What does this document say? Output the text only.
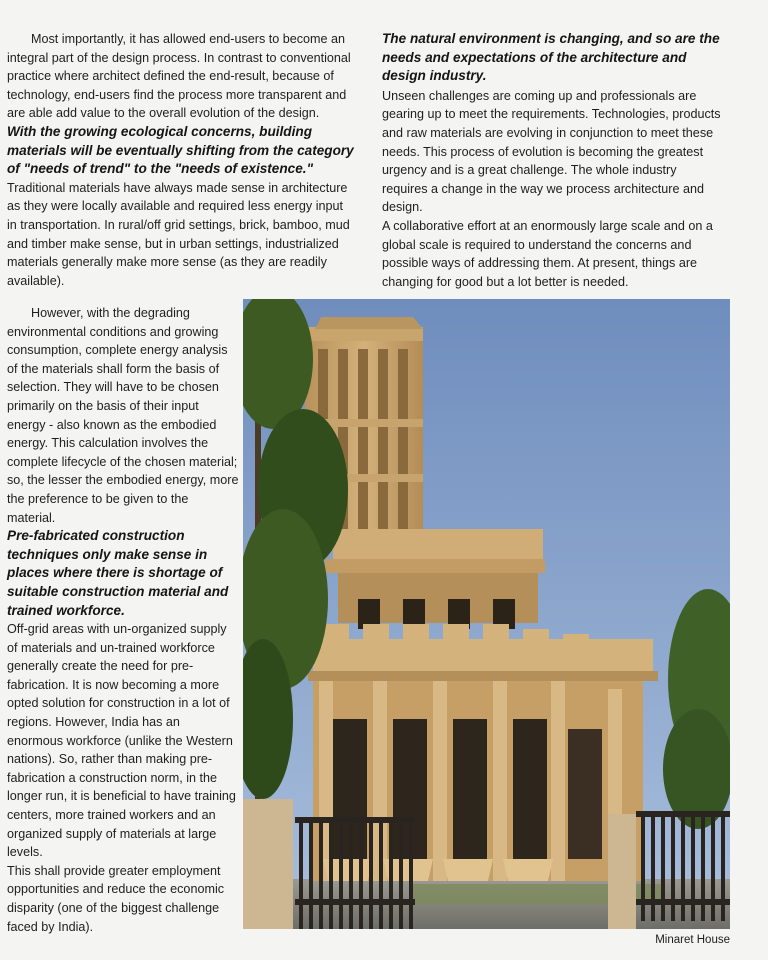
Most importantly, it has allowed end-users to become an integral part of the design process. In contrast to conventional practice where architect defined the end-result, because of technology, end-users find the process more transparent and are able add value to the overall evolution of the design.

With the growing ecological concerns, building materials will be eventually shifting from the category of "needs of trend" to the "needs of existence."

Traditional materials have always made sense in architecture as they were locally available and required less energy input in transportation. In rural/off grid settings, brick, bamboo, mud and timber make sense, but in urban settings, industrialized materials generally make more sense (as they are readily available).

However, with the degrading environmental conditions and growing consumption, complete energy analysis of the materials shall form the basis of selection. They will have to be chosen primarily on the basis of their input energy - also known as the embodied energy. This calculation involves the complete lifecycle of the chosen material; so, the lesser the embodied energy, more the preference to be given to the material.

Pre-fabricated construction techniques only make sense in places where there is shortage of suitable construction material and trained workforce.

Off-grid areas with un-organized supply of materials and un-trained workforce generally create the need for pre-fabrication. It is now becoming a more opted solution for construction in a lot of regions. However, India has an enormous workforce (unlike the Western nations). So, rather than making pre-fabrication a construction norm, in the longer run, it is beneficial to have training centers, more trained workers and an organized supply of materials at large levels.

This shall provide greater employment opportunities and reduce the economic disparity (one of the biggest challenge faced by India).

The natural environment is changing, and so are the needs and expectations of the architecture and design industry.

Unseen challenges are coming up and professionals are gearing up to meet the requirements. Technologies, products and raw materials are evolving in conjunction to meet these needs. This process of evolution is becoming the greatest urgency and is a great challenge. The whole industry requires a change in the way we process architecture and design.

A collaborative effort at an enormously large scale and on a global scale is required to understand the concerns and possible ways of addressing them. At present, things are changing for good but a lot better is needed.

Minaret House
